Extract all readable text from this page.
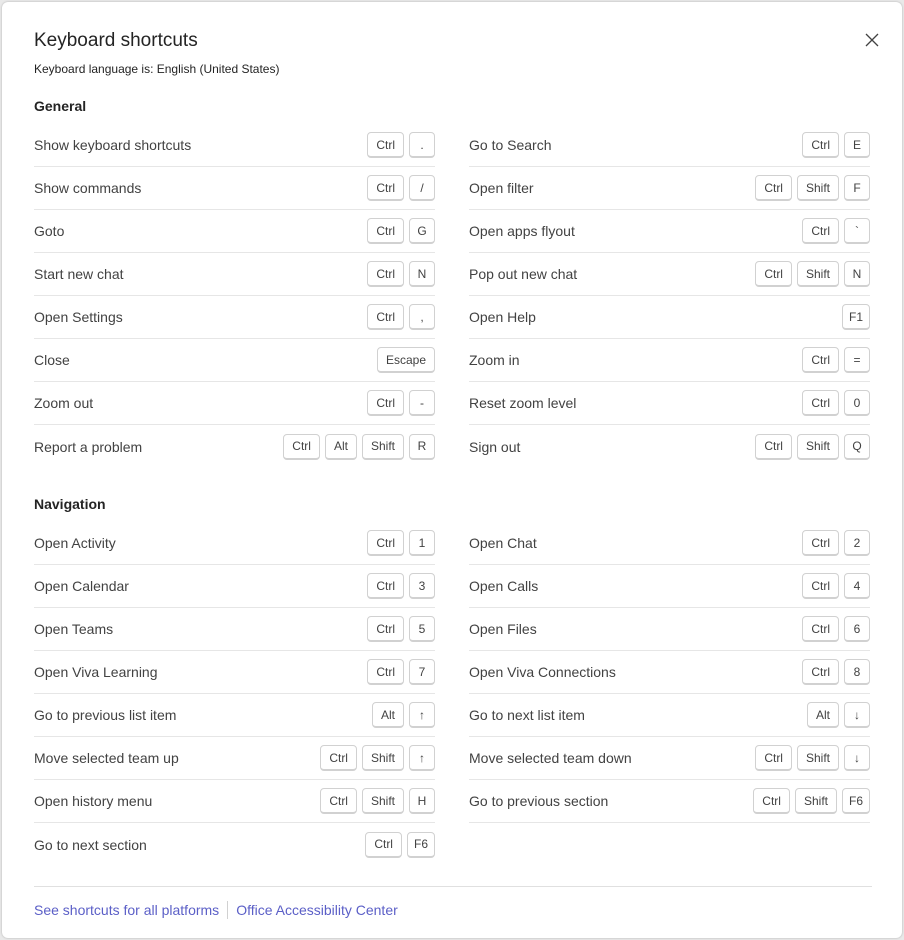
Keyboard shortcuts
Keyboard language is: English (United States)
General
Show keyboard shortcuts	Ctrl	.	Go to Search	Ctrl	E
Show commands	Ctrl	/	Open filter	Ctrl	Shift	F
Goto	Ctrl	G	Open apps flyout	Ctrl	`
Start new chat	Ctrl	N	Pop out new chat	Ctrl	Shift	N
Open Settings	Ctrl	,	Open Help	F1
Close	Escape	Zoom in	Ctrl	=
Zoom out	Ctrl	-	Reset zoom level	Ctrl	0
Report a problem	Ctrl	Alt	Shift	R	Sign out	Ctrl	Shift	Q
Navigation
Open Activity	Ctrl	1	Open Chat	Ctrl	2
Open Calendar	Ctrl	3	Open Calls	Ctrl	4
Open Teams	Ctrl	5	Open Files	Ctrl	6
Open Viva Learning	Ctrl	7	Open Viva Connections	Ctrl	8
Go to previous list item	Alt	↑	Go to next list item	Alt	↓
Move selected team up	Ctrl	Shift	↑	Move selected team down	Ctrl	Shift	↓
Open history menu	Ctrl	Shift	H	Go to previous section	Ctrl	Shift	F6
Go to next section	Ctrl	F6
See shortcuts for all platforms Office Accessibility Center
